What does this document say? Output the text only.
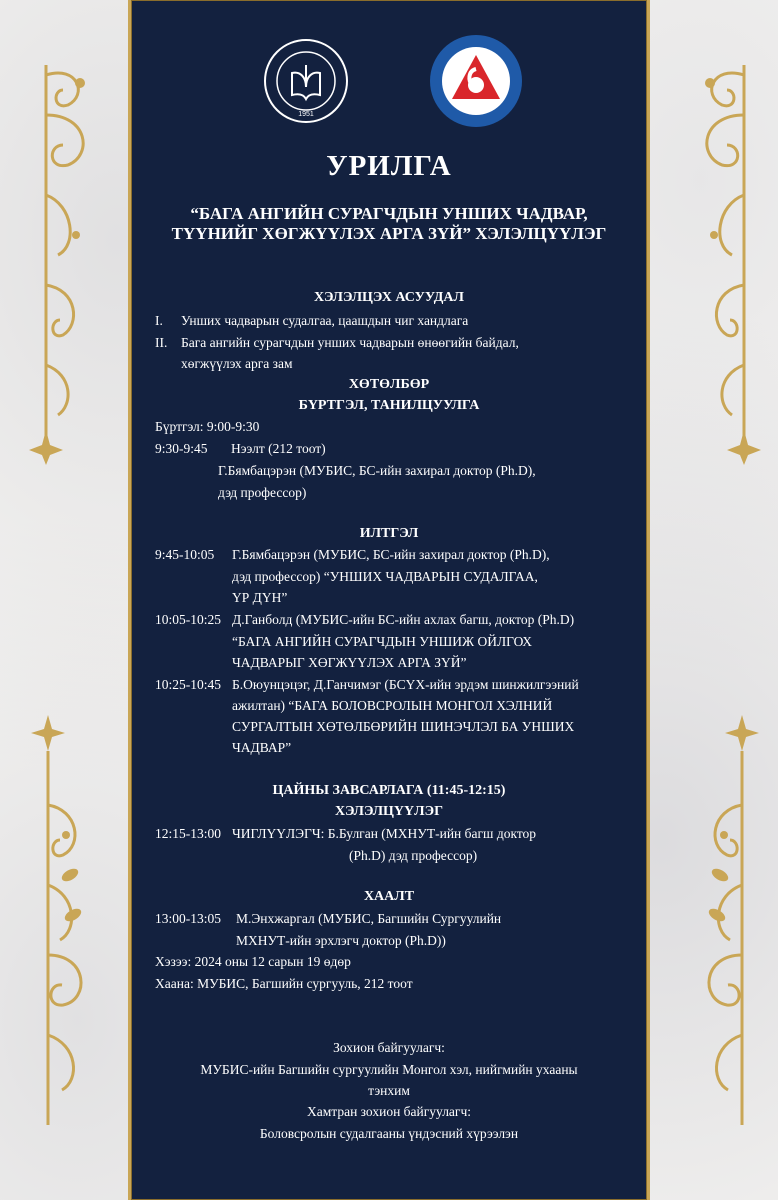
1951
УРИЛГА
“БАГА АНГИЙН СУРАГЧДЫН УНШИХ ЧАДВАР,
ТҮҮНИЙГ ХӨГЖҮҮЛЭХ АРГА ЗҮЙ” ХЭЛЭЛЦҮҮЛЭГ
ХЭЛЭЛЦЭХ АСУУДАЛ
I. Унших чадварын судалгаа, цаашдын чиг хандлага
II. Бага ангийн сурагчдын унших чадварын өнөөгийн байдал,
хөгжүүлэх арга зам
ХӨТӨЛБӨР
БҮРТГЭЛ, ТАНИЛЦУУЛГА
Бүртгэл: 9:00-9:30
9:30-9:45 Нээлт (212 тоот)
Г.Бямбацэрэн (МУБИС, БС-ийн захирал доктор (Ph.D),
дэд профессор)
ИЛТГЭЛ
9:45-10:05 Г.Бямбацэрэн (МУБИС, БС-ийн захирал доктор (Ph.D),
дэд профессор) “УНШИХ ЧАДВАРЫН СУДАЛГАА,
ҮР ДҮН”
10:05-10:25 Д.Ганболд (МУБИС-ийн БС-ийн ахлах багш, доктор (Ph.D)
“БАГА АНГИЙН СУРАГЧДЫН УНШИЖ ОЙЛГОХ
ЧАДВАРЫГ ХӨГЖҮҮЛЭХ АРГА ЗҮЙ”
10:25-10:45 Б.Оюунцэцэг, Д.Ганчимэг (БСҮХ-ийн эрдэм шинжилгээний
ажилтан) “БАГА БОЛОВСРОЛЫН МОНГОЛ ХЭЛНИЙ
СУРГАЛТЫН ХӨТӨЛБӨРИЙН ШИНЭЧЛЭЛ БА УНШИХ
ЧАДВАР”
ЦАЙНЫ ЗАВСАРЛАГА (11:45-12:15)
ХЭЛЭЛЦҮҮЛЭГ
12:15-13:00 ЧИГЛҮҮЛЭГЧ: Б.Булган (МХНУТ-ийн багш доктор
(Ph.D) дэд профессор)
ХААЛТ
13:00-13:05 М.Энхжаргал (МУБИС, Багшийн Сургуулийн
МХНУТ-ийн эрхлэгч доктор (Ph.D))
Хэзээ: 2024 оны 12 сарын 19 өдөр
Хаана: МУБИС, Багшийн сургууль, 212 тоот
Зохион байгуулагч:
МУБИС-ийн Багшийн сургуулийн Монгол хэл, нийгмийн ухааны
тэнхим
Хамтран зохион байгуулагч:
Боловсролын судалгааны үндэсний хүрээлэн
